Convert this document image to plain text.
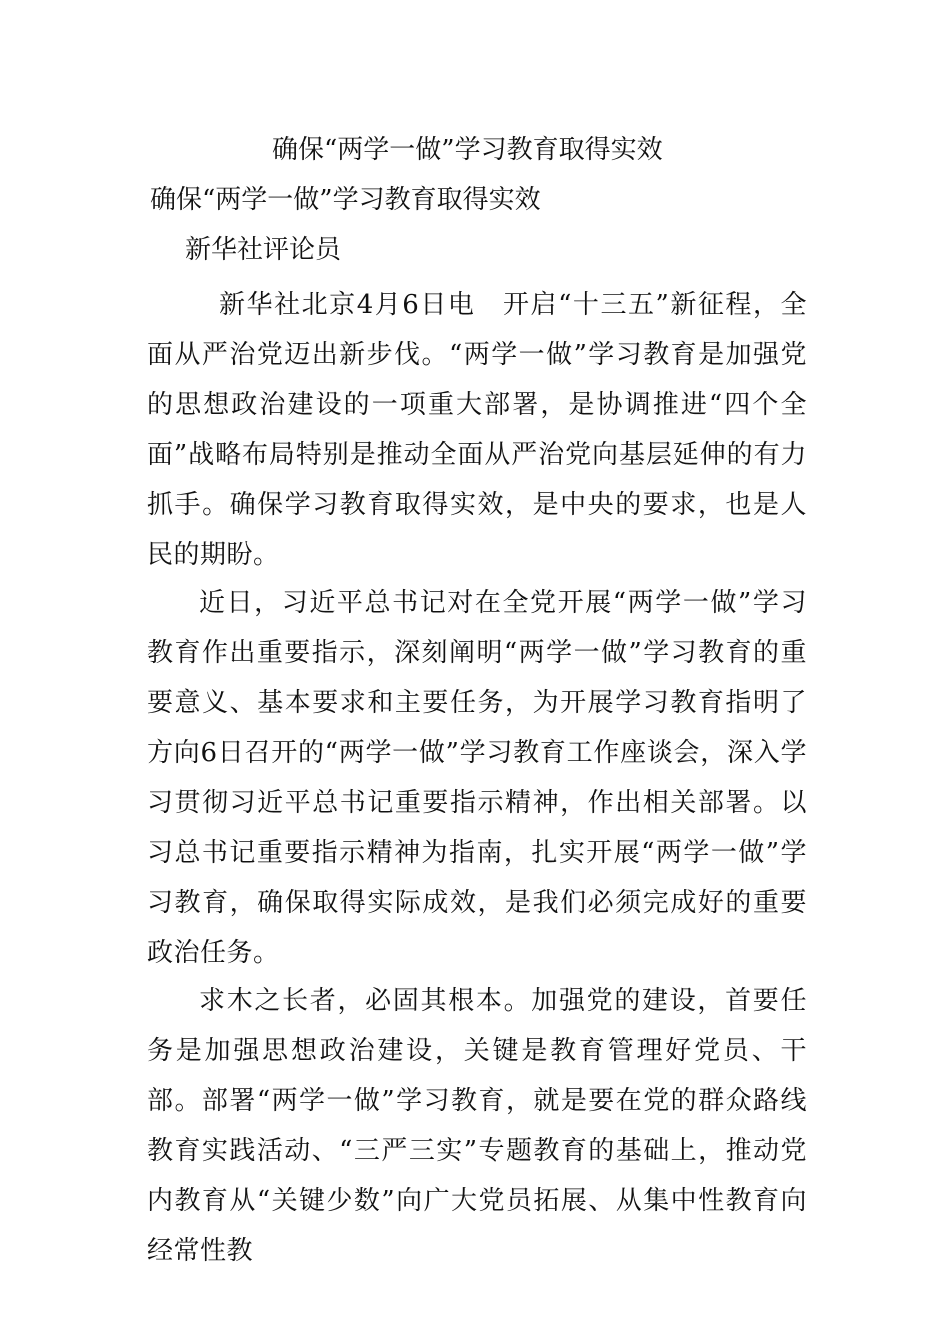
确保“两学一做”学习教育取得实效
确保“两学一做”学习教育取得实效
新华社评论员
新华社北京4月6日电　开启“十三五”新征程，全面从严治党迈出新步伐。“两学一做”学习教育是加强党的思想政治建设的一项重大部署，是协调推进“四个全面”战略布局特别是推动全面从严治党向基层延伸的有力抓手。确保学习教育取得实效，是中央的要求，也是人民的期盼。
近日，习近平总书记对在全党开展“两学一做”学习教育作出重要指示，深刻阐明“两学一做”学习教育的重要意义、基本要求和主要任务，为开展学习教育指明了方向6日召开的“两学一做”学习教育工作座谈会，深入学习贯彻习近平总书记重要指示精神，作出相关部署。以习总书记重要指示精神为指南，扎实开展“两学一做”学习教育，确保取得实际成效，是我们必须完成好的重要政治任务。
求木之长者，必固其根本。加强党的建设，首要任务是加强思想政治建设，关键是教育管理好党员、干部。部署“两学一做”学习教育，就是要在党的群众路线教育实践活动、“三严三实”专题教育的基础上，推动党内教育从“关键少数”向广大党员拓展、从集中性教育向经常性教
